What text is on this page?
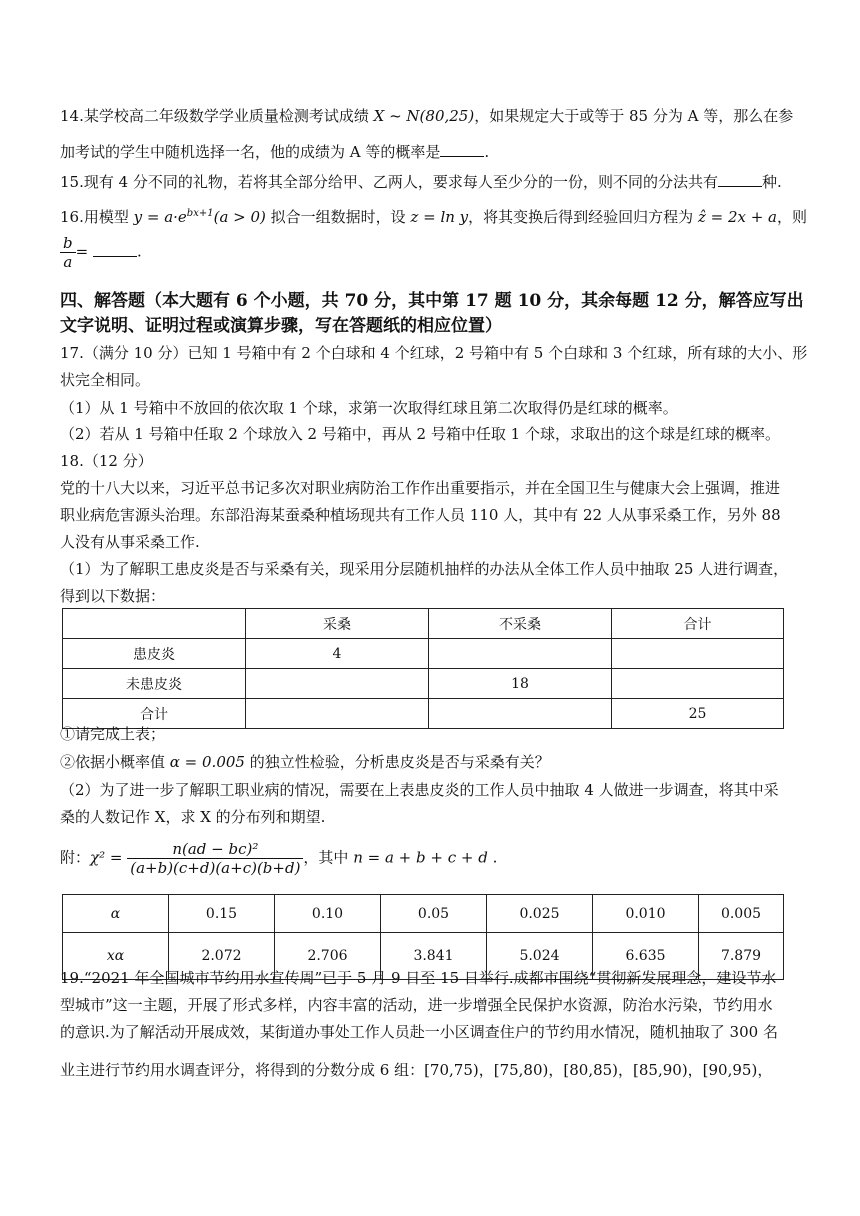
14.某学校高二年级数学学业质量检测考试成绩 X ~ N(80,25)，如果规定大于或等于 85 分为 A 等，那么在参

加考试的学生中随机选择一名，他的成绩为 A 等的概率是	.

15.现有 4 分不同的礼物，若将其全部分给甲、乙两人，要求每人至少分的一份，则不同的分法共有	种.

16.用模型 $y = a\cdot e^{bx+1}(a > 0)$ 拟合一组数据时，设 z = ln y，将其变换后得到经验回归方程为 ẑ = 2x + a，则

$\frac{b}{a}$ =	.

四、解答题（本大题有 6 个小题，共 70 分，其中第 17 题 10 分，其余每题 12 分，解答应写出

文字说明、证明过程或演算步骤，写在答题纸的相应位置）

17.（满分 10 分）已知 1 号箱中有 2 个白球和 4 个红球，2 号箱中有 5 个白球和 3 个红球，所有球的大小、形

状完全相同。

（1）从 1 号箱中不放回的依次取 1 个球，求第一次取得红球且第二次取得仍是红球的概率。

（2）若从 1 号箱中任取 2 个球放入 2 号箱中，再从 2 号箱中任取 1 个球，求取出的这个球是红球的概率。

18.（12 分）

党的十八大以来，习近平总书记多次对职业病防治工作作出重要指示，并在全国卫生与健康大会上强调，推进

职业病危害源头治理。东部沿海某蚕桑种植场现共有工作人员 110 人，其中有 22 人从事采桑工作，另外 88

人没有从事采桑工作.

（1）为了解职工患皮炎是否与采桑有关，现采用分层随机抽样的办法从全体工作人员中抽取 25 人进行调查，

得到以下数据：

	采桑	不采桑	合计
患皮炎	4		
未患皮炎		18	
合计			25

①请完成上表；

②依据小概率值 α = 0.005 的独立性检验，分析患皮炎是否与采桑有关？

（2）为了进一步了解职工职业病的情况，需要在上表患皮炎的工作人员中抽取 4 人做进一步调查，将其中采

桑的人数记作 X，求 X 的分布列和期望.

附：$\chi^2 = \frac{\text{n(ad − bc)²}}{(a+b)(c+d)(a+c)(b+d)}$ ，其中 n = a + b + c + d .

α	0.15	0.10	0.05	0.025	0.010	0.005
xα	2.072	2.706	3.841	5.024	6.635	7.879

19.“2021 年全国城市节约用水宣传周”已于 5 月 9 日至 15 日举行.成都市围绕“贯彻新发展理念，建设节水

型城市”这一主题，开展了形式多样，内容丰富的活动，进一步增强全民保护水资源，防治水污染，节约用水

的意识.为了解活动开展成效，某街道办事处工作人员赴一小区调查住户的节约用水情况，随机抽取了 300 名

业主进行节约用水调查评分，将得到的分数分成 6 组：[70,75)，[75,80)，[80,85)，[85,90)，[90,95)，
